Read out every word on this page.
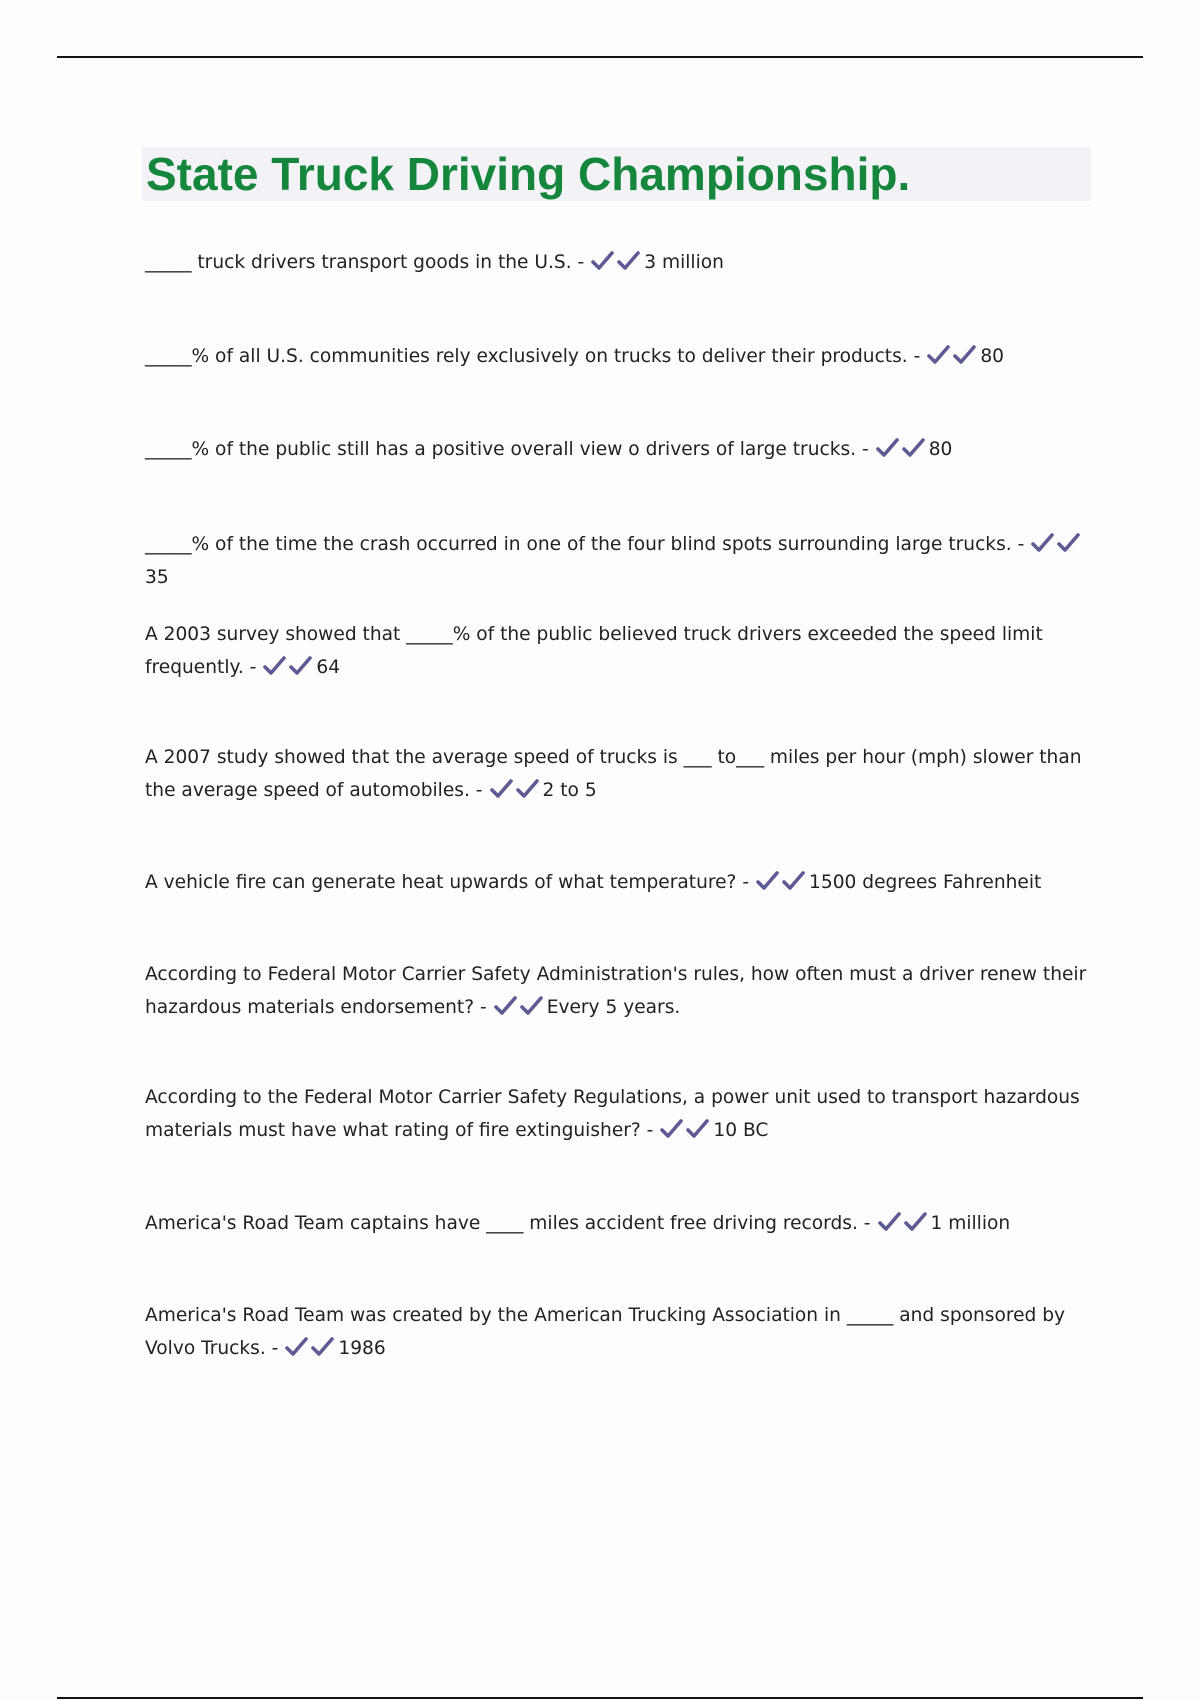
State Truck Driving Championship.

_____ truck drivers transport goods in the U.S. -	3 million

_____% of all U.S. communities rely exclusively on trucks to deliver their products. -	80

_____% of the public still has a positive overall view o drivers of large trucks. -	80

_____% of the time the crash occurred in one of the four blind spots surrounding large trucks. -
35

A 2003 survey showed that _____% of the public believed truck drivers exceeded the speed limit frequently. -	64

A 2007 study showed that the average speed of trucks is ___ to___ miles per hour (mph) slower than the average speed of automobiles. -	2 to 5

A vehicle fire can generate heat upwards of what temperature? -	1500 degrees Fahrenheit

According to Federal Motor Carrier Safety Administration's rules, how often must a driver renew their hazardous materials endorsement? -	Every 5 years.

According to the Federal Motor Carrier Safety Regulations, a power unit used to transport hazardous materials must have what rating of fire extinguisher? -	10 BC

America's Road Team captains have ____ miles accident free driving records. -	1 million

America's Road Team was created by the American Trucking Association in _____ and sponsored by Volvo Trucks. -	1986
